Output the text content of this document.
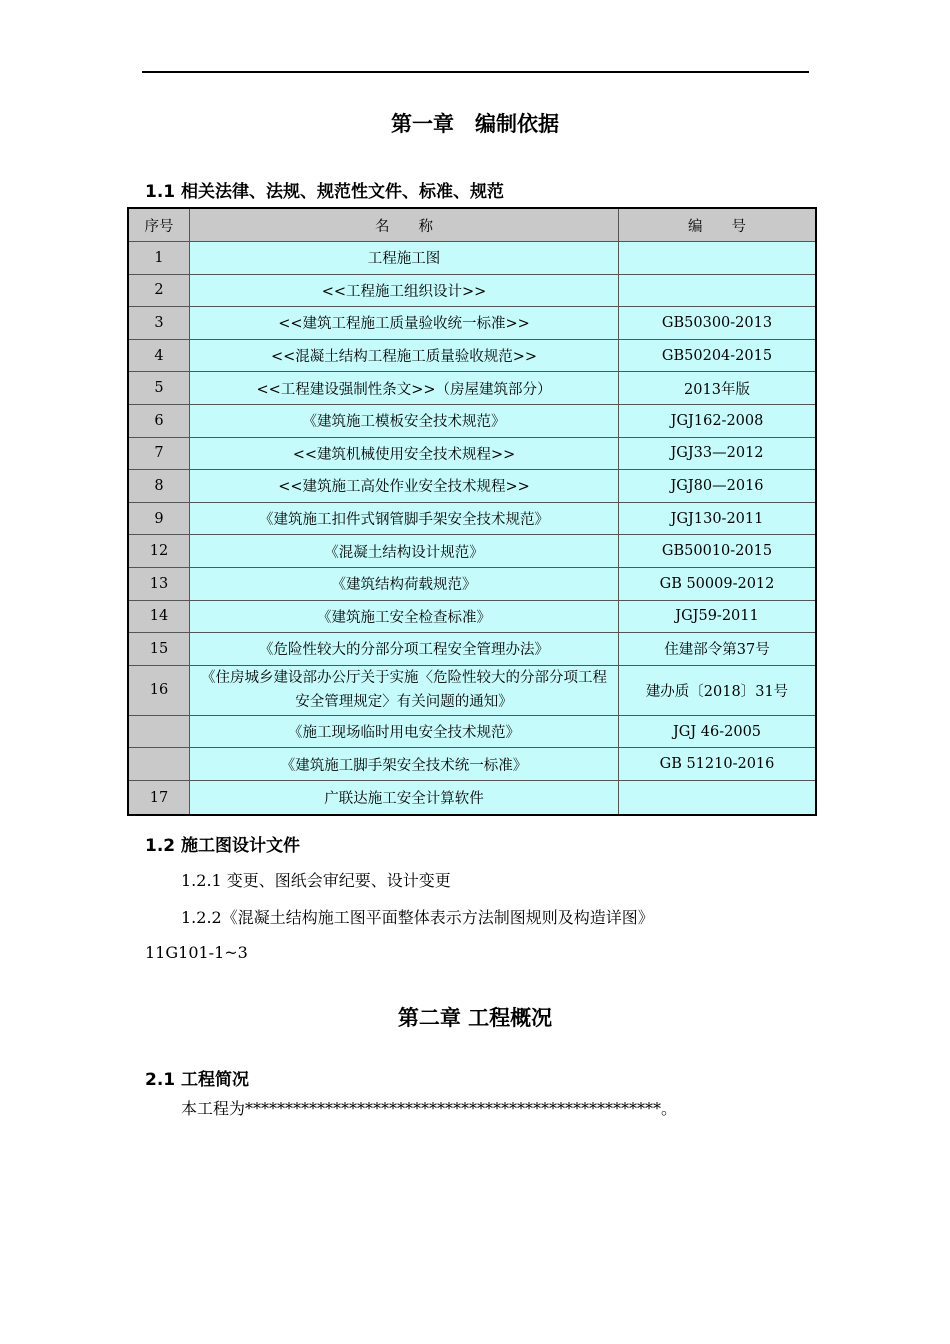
第一章　编制依据
1.1 相关法律、法规、规范性文件、标准、规范
序号	名　　称	编　　号
1	工程施工图	
2	<<工程施工组织设计>>	
3	<<建筑工程施工质量验收统一标准>>	GB50300-2013
4	<<混凝土结构工程施工质量验收规范>>	GB50204-2015
5	<<工程建设强制性条文>>（房屋建筑部分）	2013年版
6	《建筑施工模板安全技术规范》	JGJ162-2008
7	<<建筑机械使用安全技术规程>>	JGJ33—2012
8	<<建筑施工高处作业安全技术规程>>	JGJ80—2016
9	《建筑施工扣件式钢管脚手架安全技术规范》	JGJ130-2011
12	《混凝土结构设计规范》	GB50010-2015
13	《建筑结构荷载规范》	GB 50009-2012
14	《建筑施工安全检查标准》	JGJ59-2011
15	《危险性较大的分部分项工程安全管理办法》	住建部令第37号
16	《住房城乡建设部办公厅关于实施〈危险性较大的分部分项工程安全管理规定〉有关问题的通知》	建办质〔2018〕31号
	《施工现场临时用电安全技术规范》	JGJ 46-2005
	《建筑施工脚手架安全技术统一标准》	GB 51210-2016
17	广联达施工安全计算软件	
1.2 施工图设计文件
1.2.1 变更、图纸会审纪要、设计变更
1.2.2《混凝土结构施工图平面整体表示方法制图规则及构造详图》
11G101-1~3
第二章 工程概况
2.1 工程简况
本工程为****************************************************。
